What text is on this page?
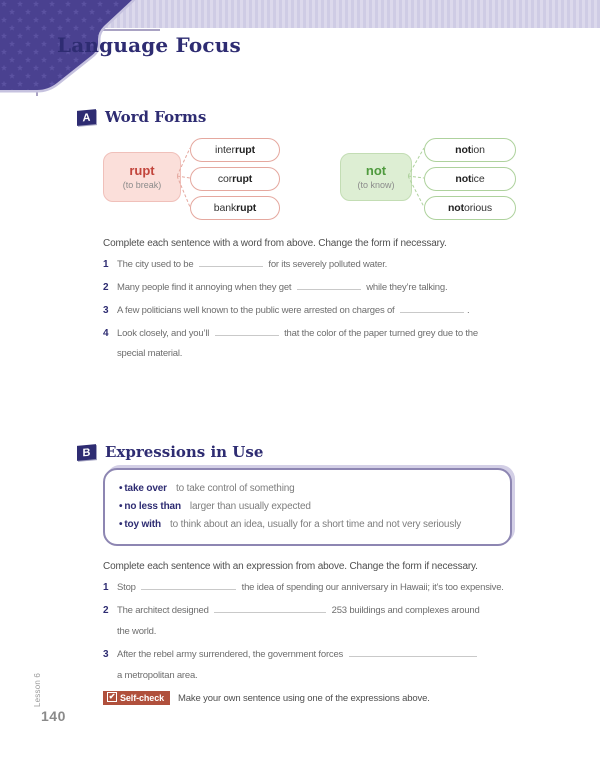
Language Focus
A Word Forms
rupt
(to break)
inter rupt
cor rupt
bank rupt
not
(to know)
not ion
not ice
not orious
Complete each sentence with a word from above. Change the form if necessary.
1 The city used to be	for its severely polluted water.
2 Many people find it annoying when they get	while they’re talking.
3 A few politicians well known to the public were arrested on charges of	.
4 Look closely, and you’ll	that the color of the paper turned grey due to the
special material.
B Expressions in Use
• take over to take control of something
• no less than larger than usually expected
• toy with to think about an idea, usually for a short time and not very seriously
Complete each sentence with an expression from above. Change the form if necessary.
1 Stop	the idea of spending our anniversary in Hawaii; it’s too expensive.
2 The architect designed	253 buildings and complexes around
the world.
3 After the rebel army surrendered, the government forces
a metropolitan area.
✔ Self-check Make your own sentence using one of the expressions above.
Lesson 6
140
